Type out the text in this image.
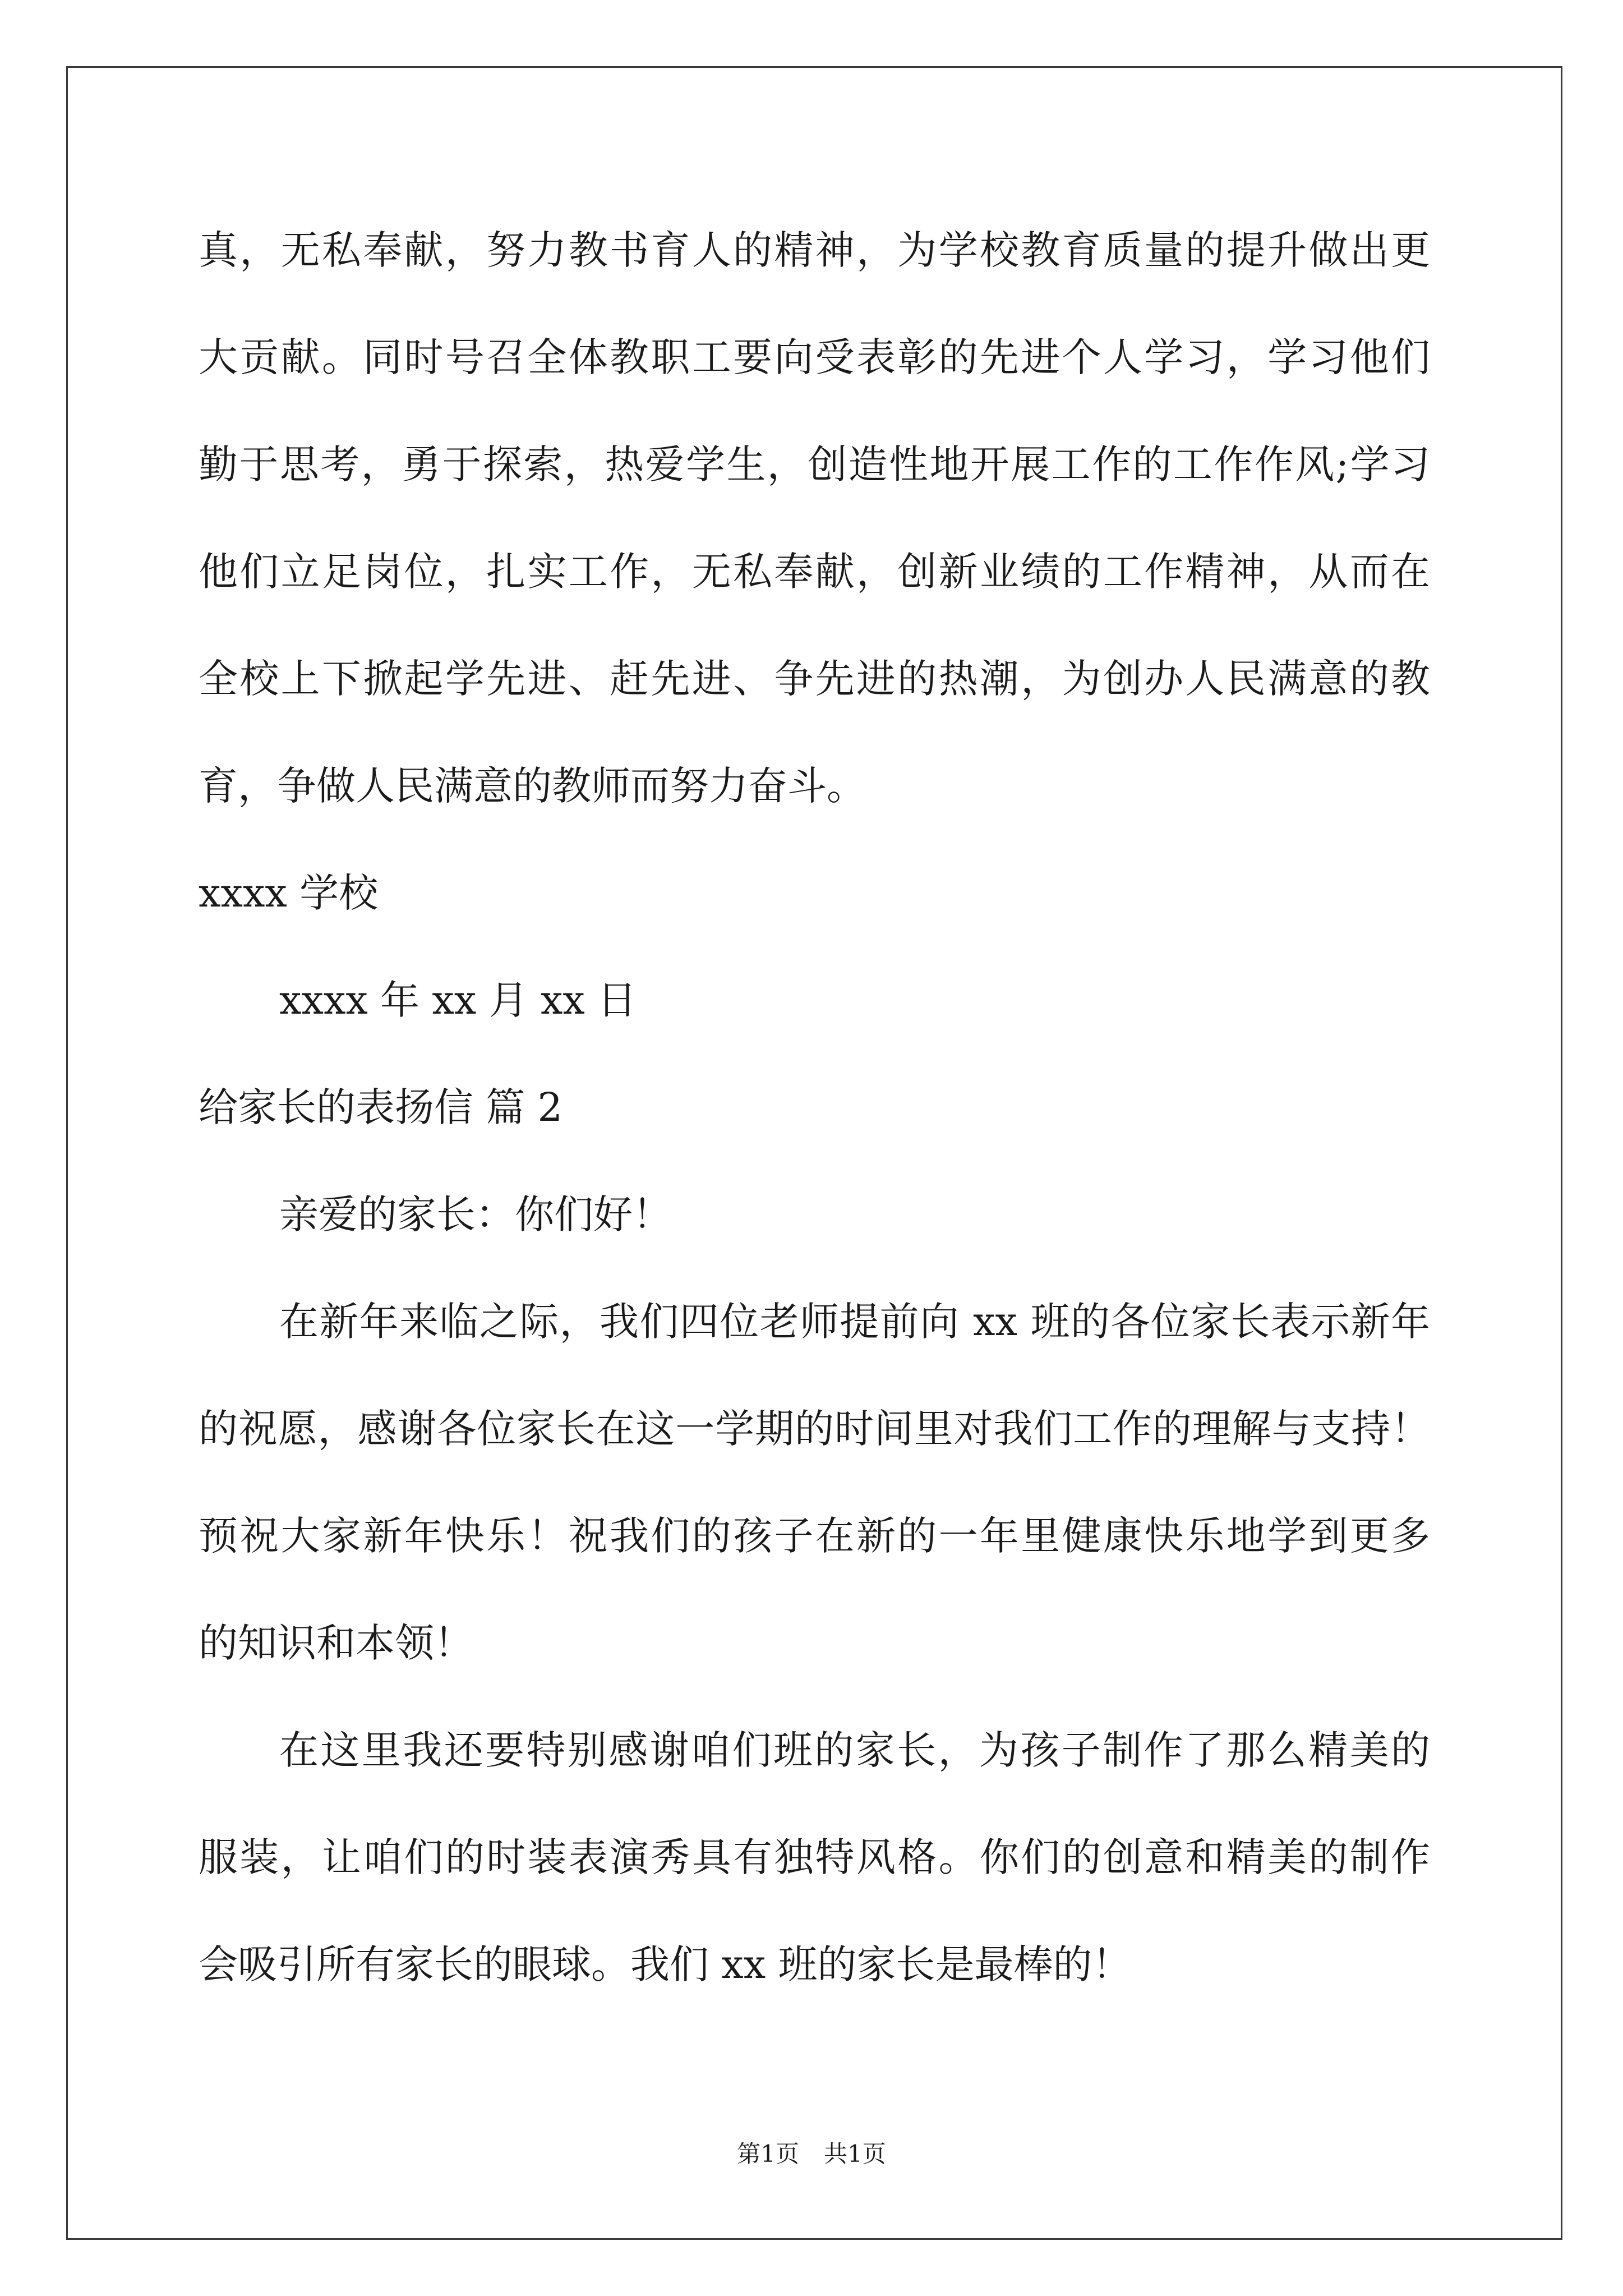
真，无私奉献，努力教书育人的精神，为学校教育质量的提升做出更
大贡献。同时号召全体教职工要向受表彰的先进个人学习，学习他们
勤于思考，勇于探索，热爱学生，创造性地开展工作的工作作风;学习
他们立足岗位，扎实工作，无私奉献，创新业绩的工作精神，从而在
全校上下掀起学先进、赶先进、争先进的热潮，为创办人民满意的教
育，争做人民满意的教师而努力奋斗。
xxxx 学校
xxxx 年 xx 月 xx 日
给家长的表扬信 篇 2
亲爱的家长：你们好！
在新年来临之际，我们四位老师提前向 xx 班的各位家长表示新年
的祝愿，感谢各位家长在这一学期的时间里对我们工作的理解与支持！
预祝大家新年快乐！祝我们的孩子在新的一年里健康快乐地学到更多
的知识和本领！
在这里我还要特别感谢咱们班的家长，为孩子制作了那么精美的
服装，让咱们的时装表演秀具有独特风格。你们的创意和精美的制作
会吸引所有家长的眼球。我们 xx 班的家长是最棒的！
第1页 共1页
